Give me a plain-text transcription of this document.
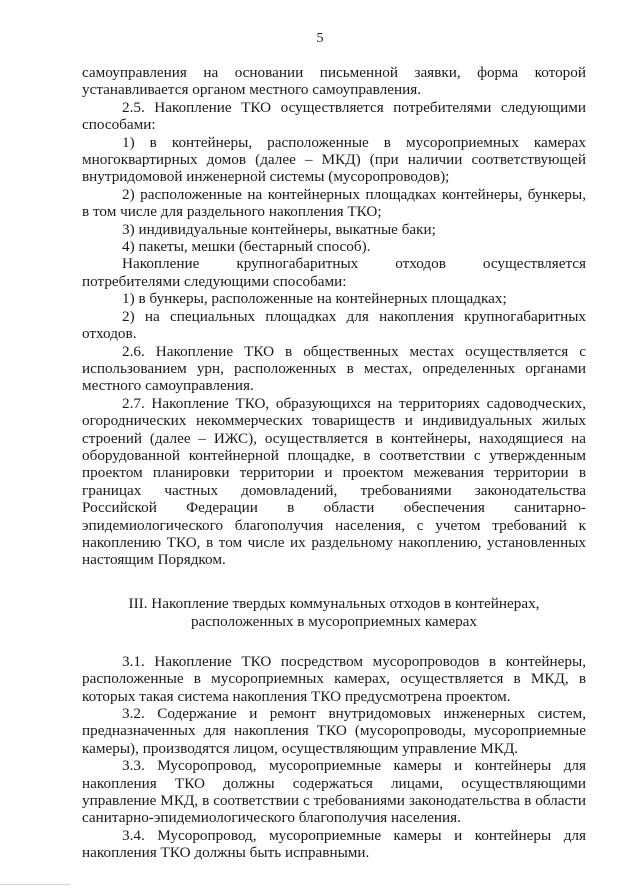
5

самоуправления на основании письменной заявки, форма которой устанавливается органом местного самоуправления.

2.5. Накопление ТКО осуществляется потребителями следующими способами:

1) в контейнеры, расположенные в мусороприемных камерах многоквартирных домов (далее – МКД) (при наличии соответствующей внутридомовой инженерной системы (мусоропроводов);

2) расположенные на контейнерных площадках контейнеры, бункеры, в том числе для раздельного накопления ТКО;

3) индивидуальные контейнеры, выкатные баки;

4) пакеты, мешки (бестарный способ).

Накопление крупногабаритных отходов осуществляется потребителями следующими способами:

1) в бункеры, расположенные на контейнерных площадках;

2) на специальных площадках для накопления крупногабаритных отходов.

2.6. Накопление ТКО в общественных местах осуществляется с использованием урн, расположенных в местах, определенных органами местного самоуправления.

2.7. Накопление ТКО, образующихся на территориях садоводческих, огороднических некоммерческих товариществ и индивидуальных жилых строений (далее – ИЖС), осуществляется в контейнеры, находящиеся на оборудованной контейнерной площадке, в соответствии с утвержденным проектом планировки территории и проектом межевания территории в границах частных домовладений, требованиями законодательства Российской Федерации в области обеспечения санитарно-эпидемиологического благополучия населения, с учетом требований к накоплению ТКО, в том числе их раздельному накоплению, установленных настоящим Порядком.

III. Накопление твердых коммунальных отходов в контейнерах,
расположенных в мусороприемных камерах

3.1. Накопление ТКО посредством мусоропроводов в контейнеры, расположенные в мусороприемных камерах, осуществляется в МКД, в которых такая система накопления ТКО предусмотрена проектом.

3.2. Содержание и ремонт внутридомовых инженерных систем, предназначенных для накопления ТКО (мусоропроводы, мусороприемные камеры), производятся лицом, осуществляющим управление МКД.

3.3. Мусоропровод, мусороприемные камеры и контейнеры для накопления ТКО должны содержаться лицами, осуществляющими управление МКД, в соответствии с требованиями законодательства в области санитарно-эпидемиологического благополучия населения.

3.4. Мусоропровод, мусороприемные камеры и контейнеры для накопления ТКО должны быть исправными.
